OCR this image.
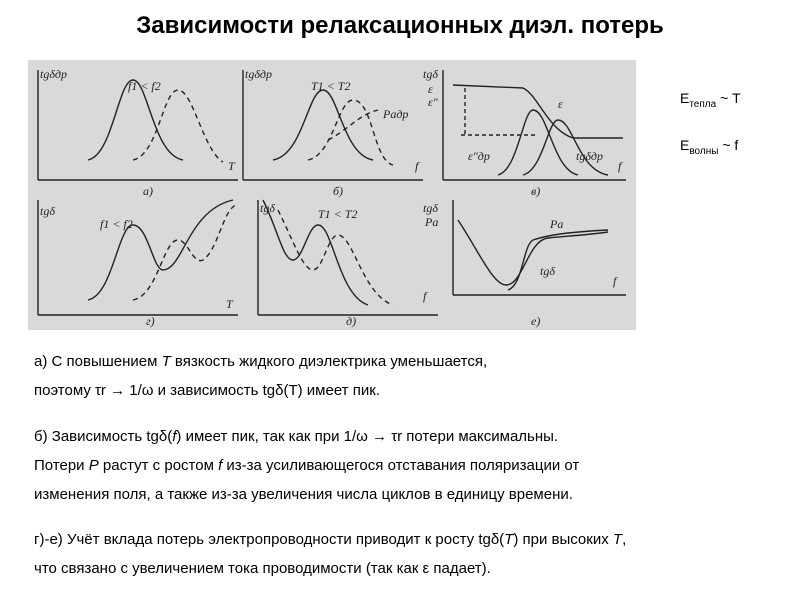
Зависимости релаксационных диэл. потерь
tgδдр
T
f1 < f2
а)
tgδдр
f
T1 < T2
Pадр
б)
tgδ
ε
ε"
f
ε
ε"др	tgδдр
в)
tgδ
T
f1 < f2
г)
tgδ
f
T1 < T2
д)
tgδ
Pa
f
Pa
tgδ
е)
$E_{тепла}$ ~ T
$E_{волны}$ ~ f

а) С повышением T вязкость жидкого диэлектрика уменьшается,

поэтому τr → 1/ω и зависимость tgδ(T) имеет пик.

б) Зависимость tgδ(f) имеет пик, так как при 1/ω → τr потери максимальны.

Потери P растут с ростом f из-за усиливающегося отставания поляризации от

изменения поля, а также из-за увеличения числа циклов в единицу времени.

г)-е) Учёт вклада потерь электропроводности приводит к росту tgδ(T) при высоких T,

что связано с увеличением тока проводимости (так как ε падает).
